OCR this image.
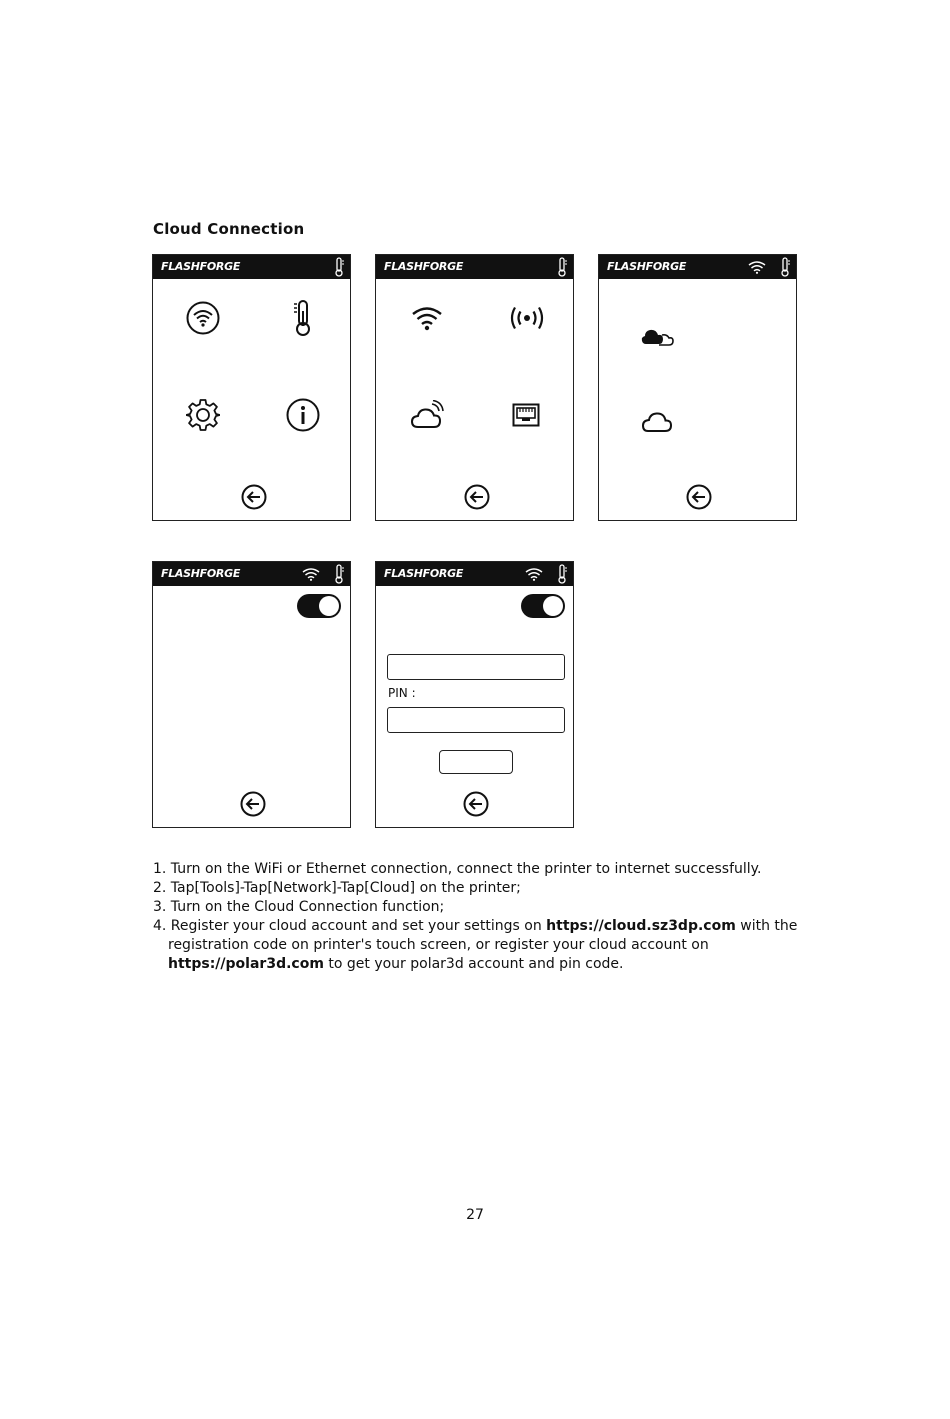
Cloud Connection
FLASHFORGE	FLASHFORGE	FLASHFORGE
FLASHFORGE	FLASHFORGE
PIN :

1. Turn on the WiFi or Ethernet connection, connect the printer to internet successfully.

2. Tap[Tools]-Tap[Network]-Tap[Cloud] on the printer;

3. Turn on the Cloud Connection function;

4. Register your cloud account and set your settings on https://cloud.sz3dp.com with the

registration code on printer's touch screen, or register your cloud account on

https://polar3d.com to get your polar3d account and pin code.

27
